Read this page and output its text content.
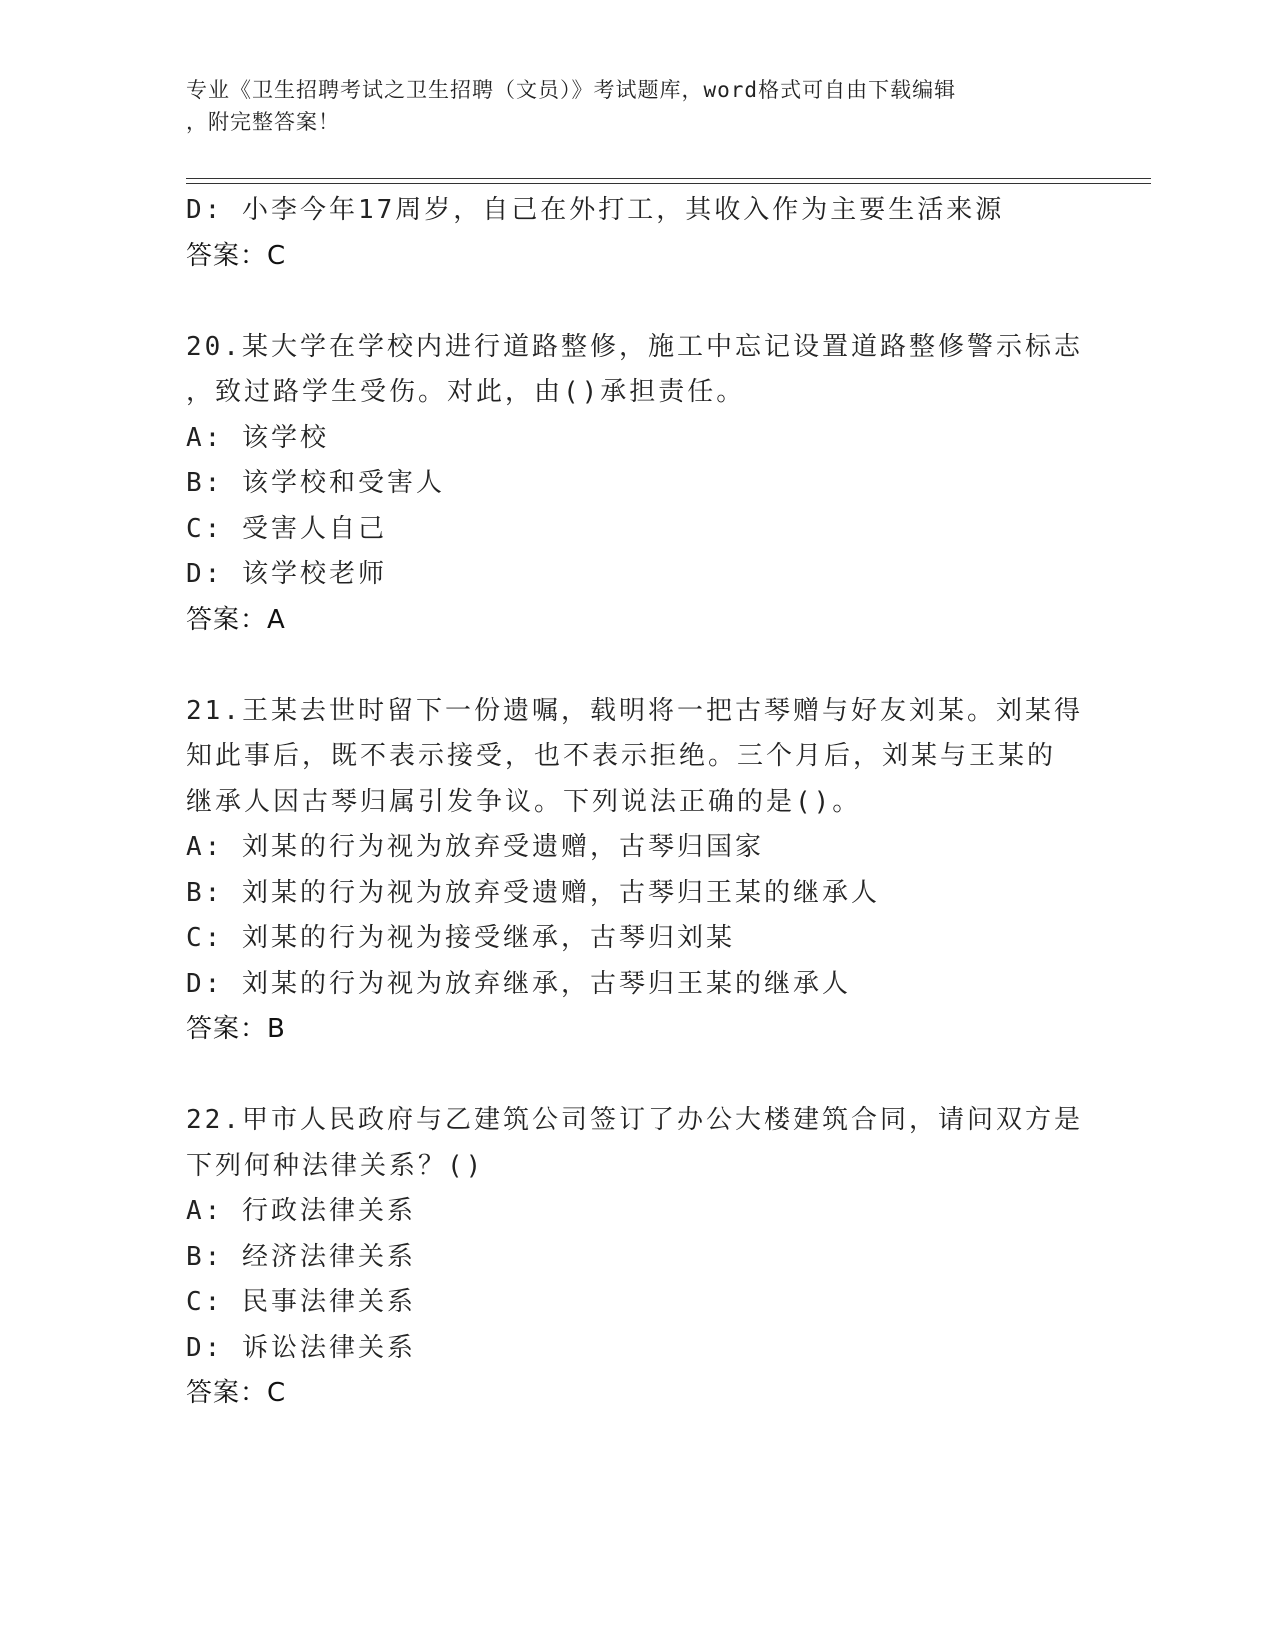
专业《卫生招聘考试之卫生招聘（文员）》考试题库，word格式可自由下载编辑
，附完整答案！
D: 小李今年17周岁，自己在外打工，其收入作为主要生活来源
答案：C
20.某大学在学校内进行道路整修，施工中忘记设置道路整修警示标志
，致过路学生受伤。对此，由()承担责任。
A: 该学校
B: 该学校和受害人
C: 受害人自己
D: 该学校老师
答案：A
21.王某去世时留下一份遗嘱，载明将一把古琴赠与好友刘某。刘某得
知此事后，既不表示接受，也不表示拒绝。三个月后，刘某与王某的
继承人因古琴归属引发争议。下列说法正确的是()。
A: 刘某的行为视为放弃受遗赠，古琴归国家
B: 刘某的行为视为放弃受遗赠，古琴归王某的继承人
C: 刘某的行为视为接受继承，古琴归刘某
D: 刘某的行为视为放弃继承，古琴归王某的继承人
答案：B
22.甲市人民政府与乙建筑公司签订了办公大楼建筑合同，请问双方是
下列何种法律关系？()
A: 行政法律关系
B: 经济法律关系
C: 民事法律关系
D: 诉讼法律关系
答案：C
